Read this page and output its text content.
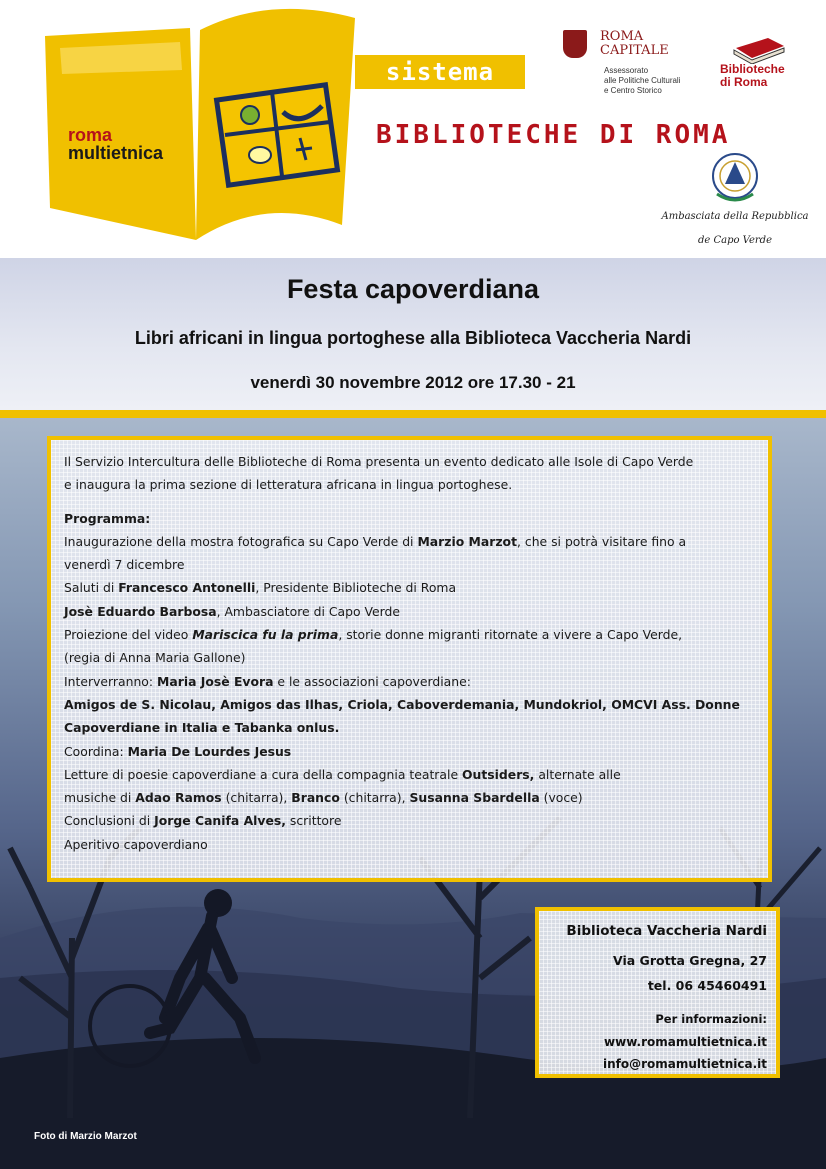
roma
multietnica
sistema
BIBLIOTECHE DI ROMA
ROMA
CAPITALE
Assessorato
alle Politiche Culturali
e Centro Storico
Biblioteche
di Roma
Ambasciata della Repubblica
de Capo Verde
Festa capoverdiana
Libri africani in lingua portoghese alla Biblioteca Vaccheria Nardi
venerdì 30 novembre 2012 ore 17.30 - 21

Il Servizio Intercultura delle Biblioteche di Roma presenta un evento dedicato alle Isole di Capo Verde

e inaugura la prima sezione di letteratura africana in lingua portoghese.

Programma:

Inaugurazione della mostra fotografica su Capo Verde di Marzio Marzot, che si potrà visitare fino a

venerdì 7 dicembre

Saluti di Francesco Antonelli, Presidente Biblioteche di Roma

Josè Eduardo Barbosa, Ambasciatore di Capo Verde

Proiezione del video Mariscica fu la prima, storie donne migranti ritornate a vivere a Capo Verde,

(regia di Anna Maria Gallone)

Interverranno: Maria Josè Evora e le associazioni capoverdiane:

Amigos de S. Nicolau, Amigos das Ilhas, Criola, Caboverdemania, Mundokriol, OMCVI Ass. Donne

Capoverdiane in Italia e Tabanka onlus.

Coordina: Maria De Lourdes Jesus

Letture di poesie capoverdiane a cura della compagnia teatrale Outsiders, alternate alle

musiche di Adao Ramos (chitarra), Branco (chitarra), Susanna Sbardella (voce)

Conclusioni di Jorge Canifa Alves, scrittore

Aperitivo capoverdiano

Biblioteca Vaccheria Nardi
Via Grotta Gregna, 27
tel. 06 45460491
Per informazioni:
www.romamultietnica.it
info@romamultietnica.it
Foto di Marzio Marzot
